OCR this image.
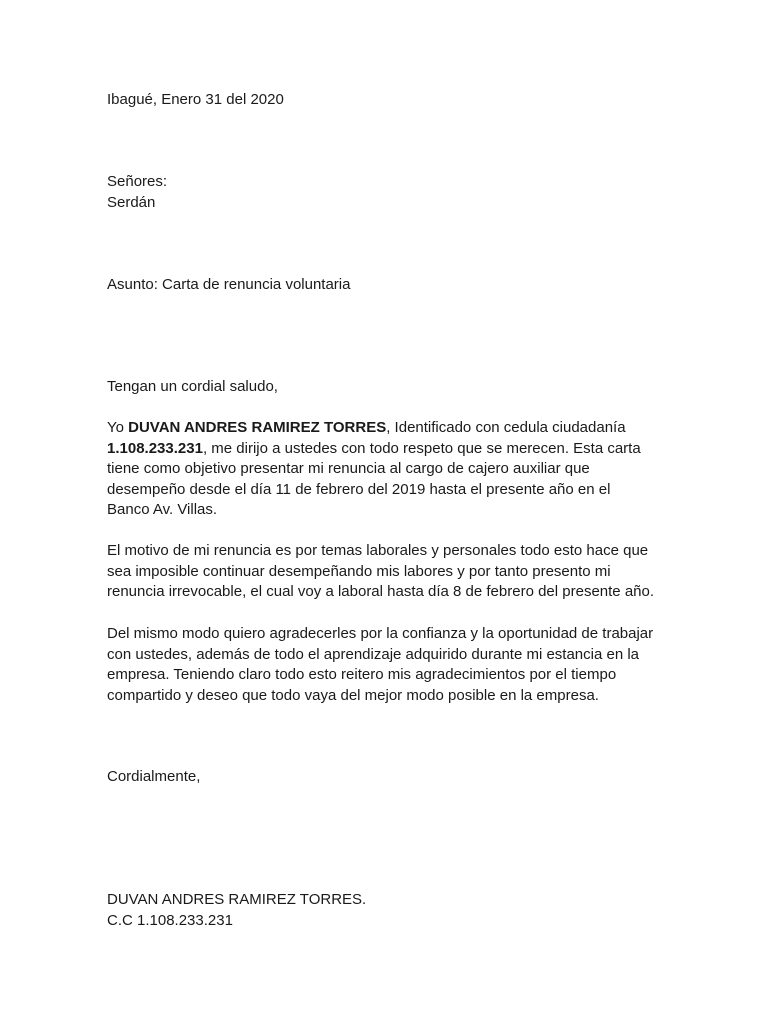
Ibagué, Enero 31 del 2020

Señores:
Serdán

Asunto: Carta de renuncia voluntaria

Tengan un cordial saludo,

Yo DUVAN ANDRES RAMIREZ TORRES, Identificado con cedula ciudadanía
1.108.233.231, me dirijo a ustedes con todo respeto que se merecen. Esta carta
tiene como objetivo presentar mi renuncia al cargo de cajero auxiliar que
desempeño desde el día 11 de febrero del 2019 hasta el presente año en el
Banco Av. Villas.

El motivo de mi renuncia es por temas laborales y personales todo esto hace que
sea imposible continuar desempeñando mis labores y por tanto presento mi
renuncia irrevocable, el cual voy a laboral hasta día 8 de febrero del presente año.

Del mismo modo quiero agradecerles por la confianza y la oportunidad de trabajar
con ustedes, además de todo el aprendizaje adquirido durante mi estancia en la
empresa. Teniendo claro todo esto reitero mis agradecimientos por el tiempo
compartido y deseo que todo vaya del mejor modo posible en la empresa.

Cordialmente,

DUVAN ANDRES RAMIREZ TORRES.
C.C 1.108.233.231
